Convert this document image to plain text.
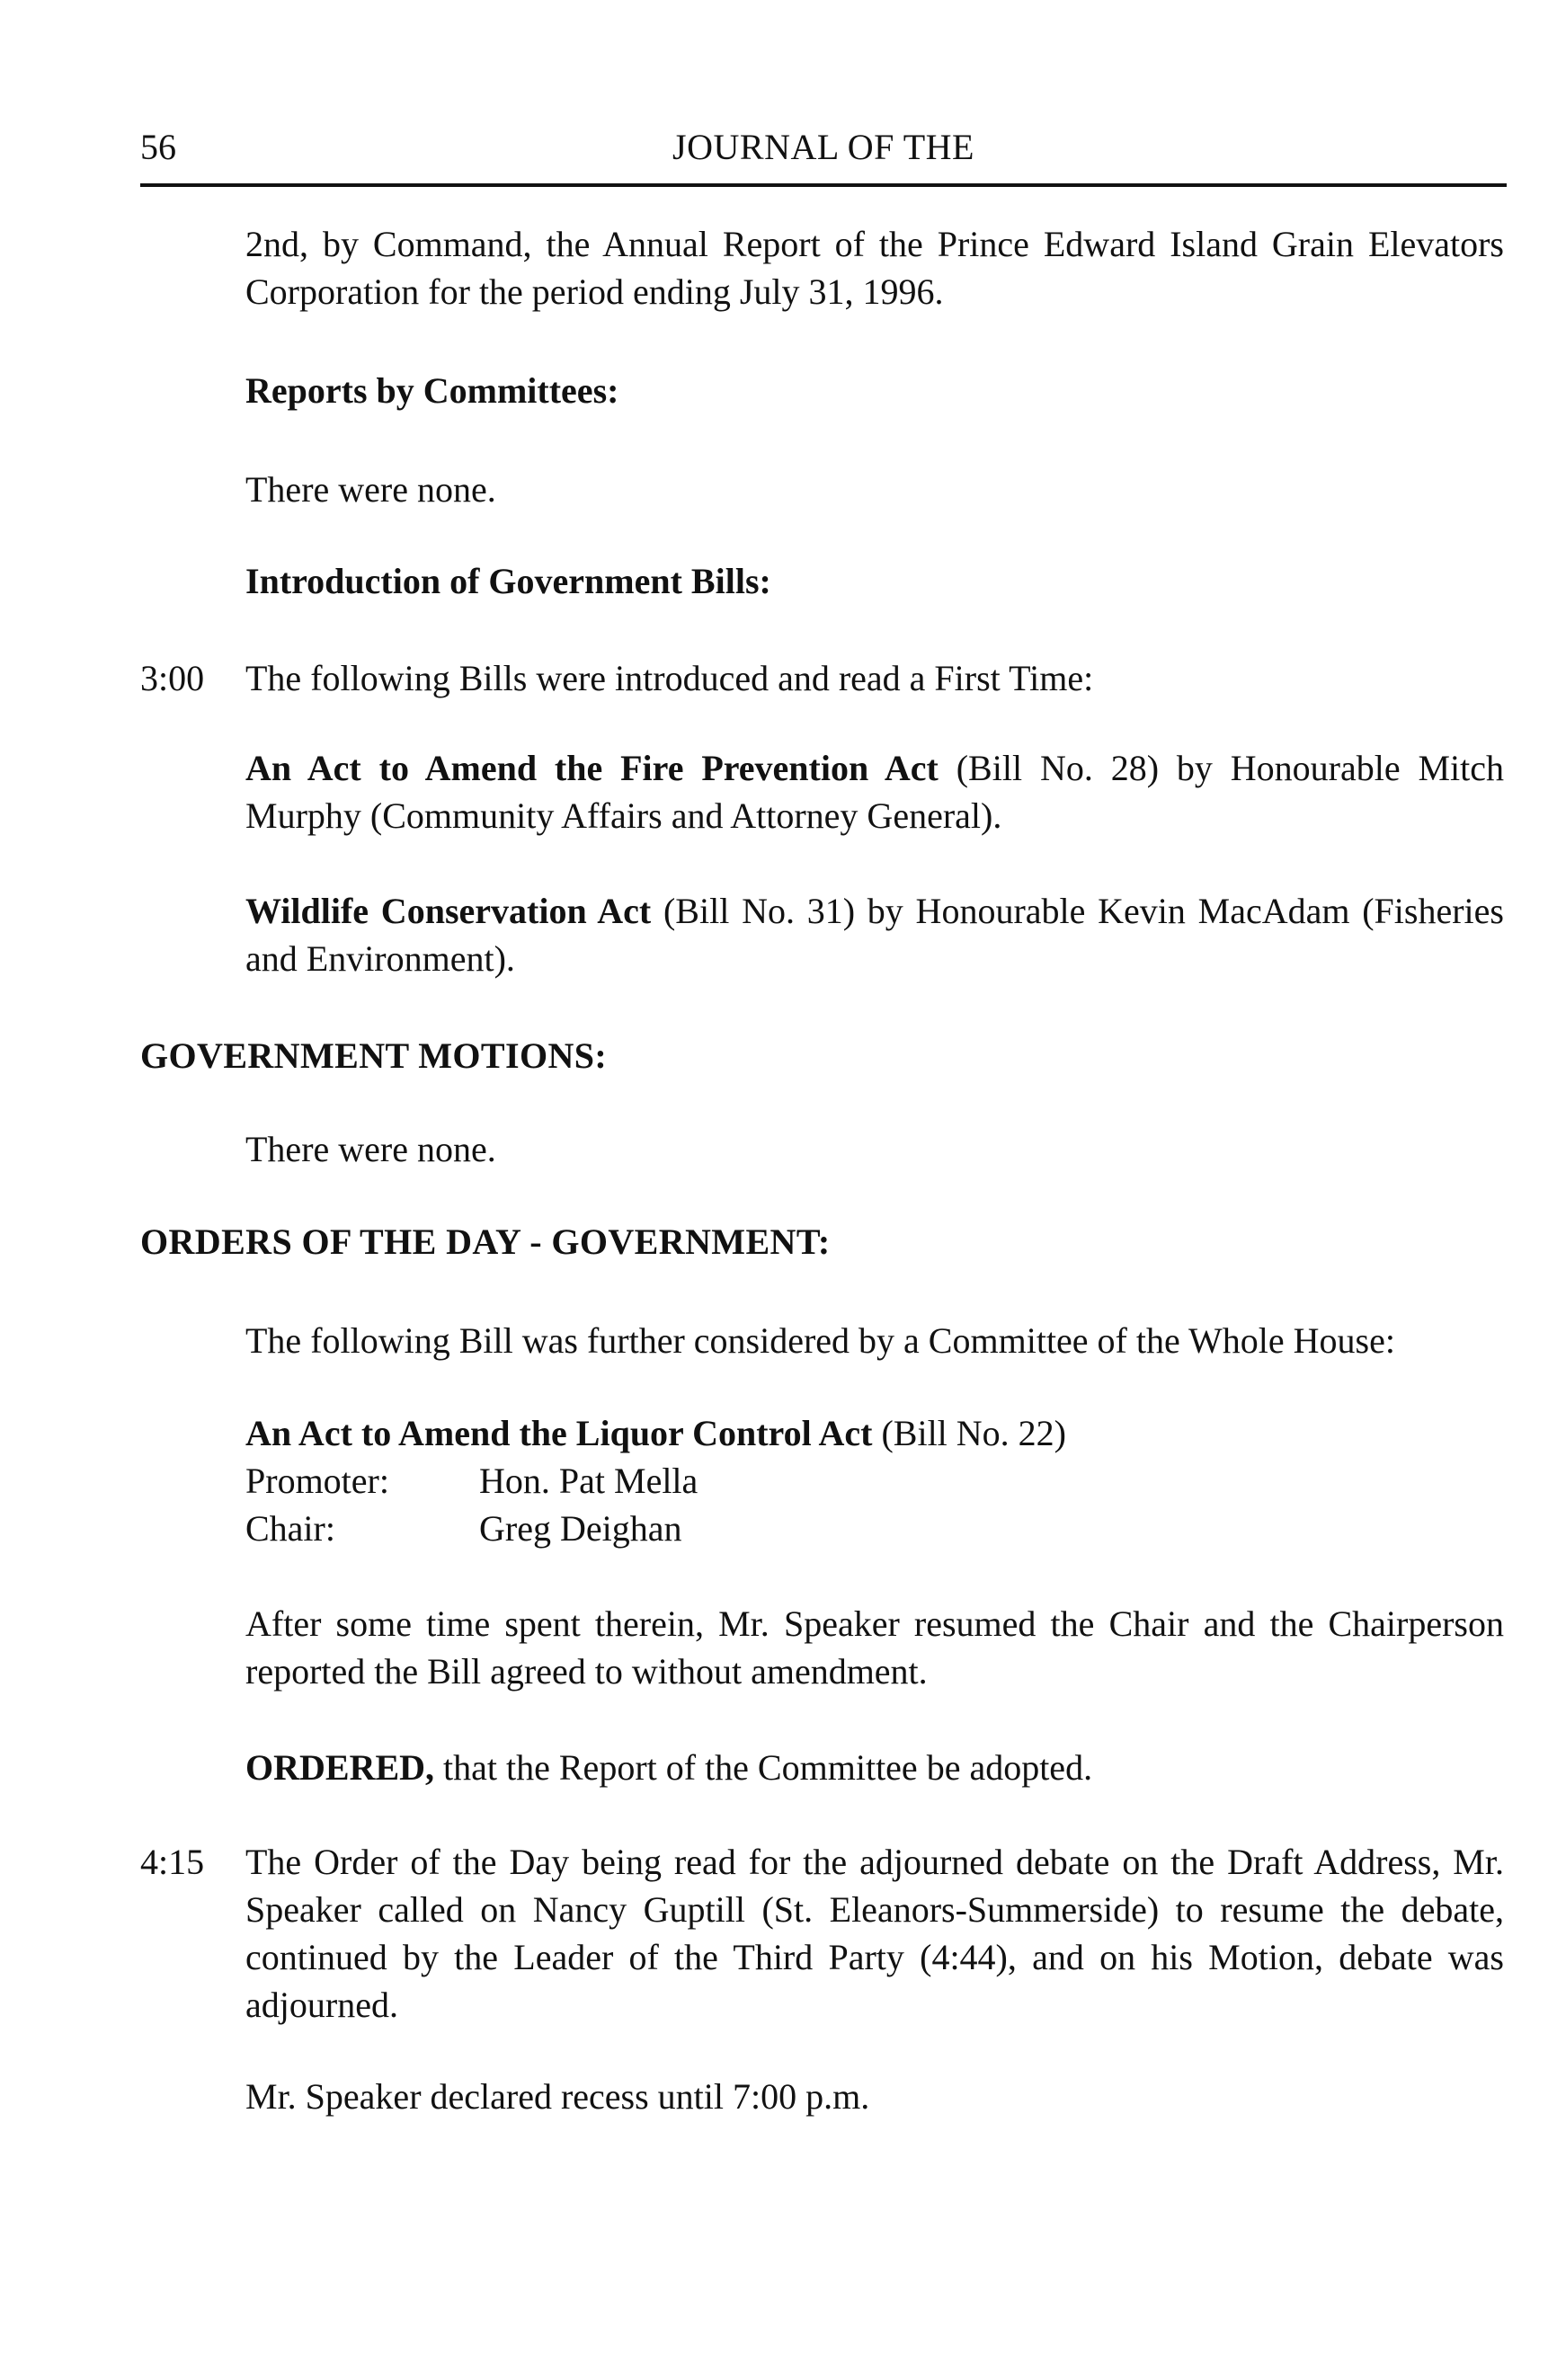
56	JOURNAL OF THE
2nd, by Command, the Annual Report of the Prince Edward Island Grain Elevators Corporation for the period ending July 31, 1996.
Reports by Committees:
There were none.
Introduction of Government Bills:
3:00 The following Bills were introduced and read a First Time:
An Act to Amend the Fire Prevention Act (Bill No. 28) by Honourable Mitch Murphy (Community Affairs and Attorney General).
Wildlife Conservation Act (Bill No. 31) by Honourable Kevin MacAdam (Fisheries and Environment).
GOVERNMENT MOTIONS:
There were none.
ORDERS OF THE DAY - GOVERNMENT:
The following Bill was further considered by a Committee of the Whole House:
An Act to Amend the Liquor Control Act (Bill No. 22)
Promoter:	Hon. Pat Mella
Chair:	Greg Deighan
After some time spent therein, Mr. Speaker resumed the Chair and the Chairperson reported the Bill agreed to without amendment.
ORDERED, that the Report of the Committee be adopted.
4:15 The Order of the Day being read for the adjourned debate on the Draft Address, Mr. Speaker called on Nancy Guptill (St. Eleanors-Summerside) to resume the debate, continued by the Leader of the Third Party (4:44), and on his Motion, debate was adjourned.
Mr. Speaker declared recess until 7:00 p.m.
